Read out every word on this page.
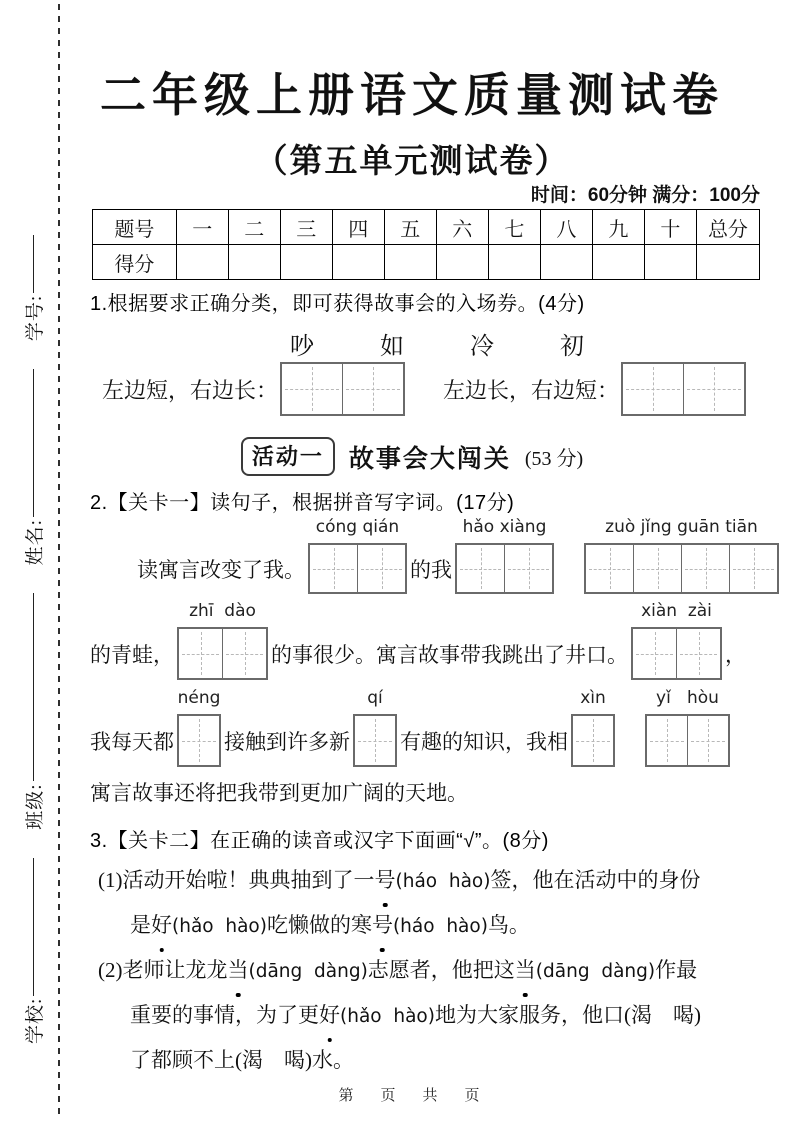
学校:
班级:
姓名:
学号:
二年级上册语文质量测试卷
（第五单元测试卷）
时间：60分钟 满分：100分
题号	一	二	三	四	五	六	七	八	九	十	总分
得分											
1.根据要求正确分类，即可获得故事会的入场券。(4分)
吵	如	冷	初
左边短，右边长：	左边长，右边短：
活动一	故事会大闯关 (53 分)
2.【关卡一】读句子，根据拼音写字词。(17分)
读寓言改变了我。
cóng qián
的我
hǎo xiàng	zuò jǐng guān tiān
的青蛙，
zhī  dào
的事很少。寓言故事带我跳出了井口。
xiàn  zài
，
我每天都
néng
接触到许多新
qí
有趣的知识，我相
xìn	yǐ   hòu
寓言故事还将把我带到更加广阔的天地。
3.【关卡二】在正确的读音或汉字下面画“√”。(8分)
(1)活动开始啦！典典抽到了一号(háo  hào)签，他在活动中的身份
是好(hǎo  hào)吃懒做的寒号(háo  hào)鸟。
(2)老师让龙龙当(dāng  dàng)志愿者，他把这当(dāng  dàng)作最
重要的事情，为了更好(hǎo  hào)地为大家服务，他口(渴　喝)
了都顾不上(渴　喝)水。
第　页　共　页
